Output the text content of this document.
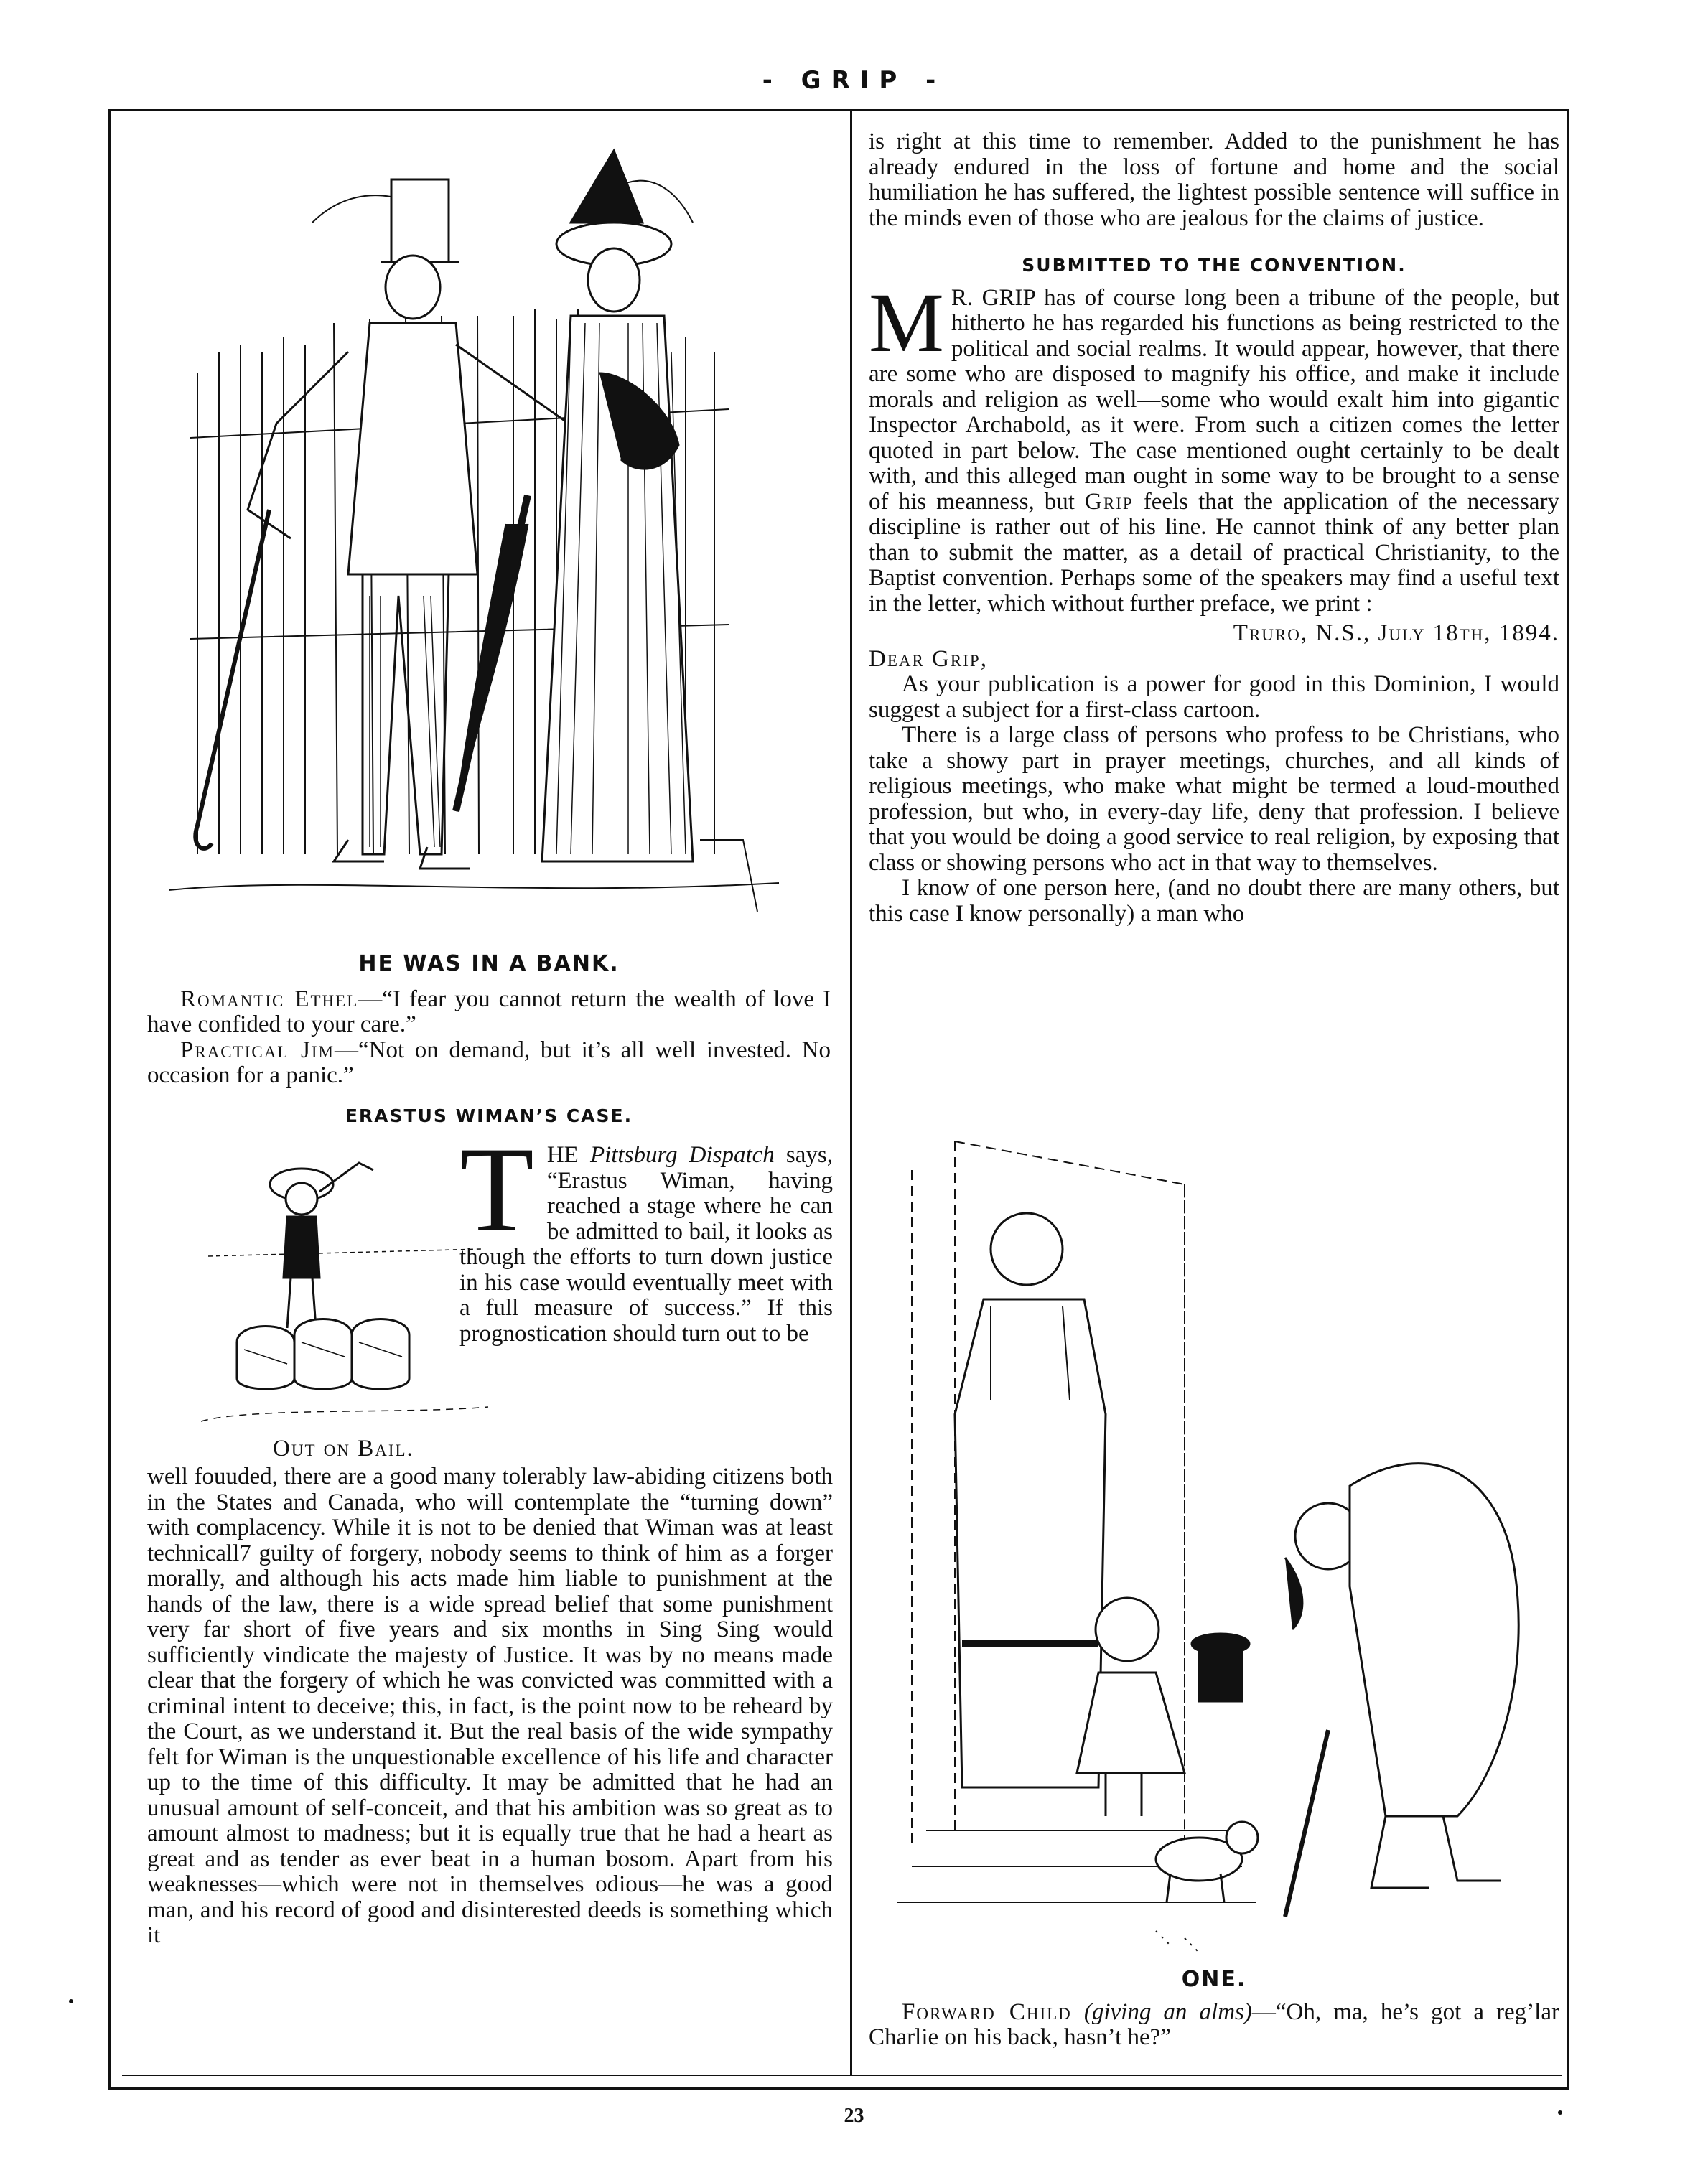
- GRIP -
HE WAS IN A BANK.

Romantic Ethel—“I fear you cannot return the wealth of love I have confided to your care.”

Practical Jim—“Not on demand, but it’s all well invested. No occasion for a panic.”

ERASTUS WIMAN’S CASE.

THE Pittsburg Dispatch says, “Erastus Wiman, having reached a stage where he can be admitted to bail, it looks as though the efforts to turn down justice in his case would eventually meet with a full measure of success.” If this prognostication should turn out to be

Out on Bail.

well fouuded, there are a good many tolerably law-abiding citizens both in the States and Canada, who will contemplate the “turning down” with complacency. While it is not to be denied that Wiman was at least technicall7 guilty of forgery, nobody seems to think of him as a forger morally, and although his acts made him liable to punishment at the hands of the law, there is a wide spread belief that some punishment very far short of five years and six months in Sing Sing would sufficiently vindicate the majesty of Justice. It was by no means made clear that the forgery of which he was convicted was committed with a criminal intent to deceive; this, in fact, is the point now to be reheard by the Court, as we understand it. But the real basis of the wide sympathy felt for Wiman is the unquestionable excellence of his life and character up to the time of this difficulty. It may be admitted that he had an unusual amount of self-conceit, and that his ambition was so great as to amount almost to madness; but it is equally true that he had a heart as great and as tender as ever beat in a human bosom. Apart from his weaknesses—which were not in themselves odious—he was a good man, and his record of good and disinterested deeds is something which it

is right at this time to remember. Added to the punishment he has already endured in the loss of fortune and home and the social humiliation he has suffered, the lightest possible sentence will suffice in the minds even of those who are jealous for the claims of justice.

SUBMITTED TO THE CONVENTION.

M R. GRIP has of course long been a tribune of the people, but hitherto he has regarded his functions as being restricted to the political and social realms. It would appear, however, that there are some who are disposed to magnify his office, and make it include morals and religion as well—some who would exalt him into gigantic Inspector Archabold, as it were. From such a citizen comes the letter quoted in part below. The case mentioned ought certainly to be dealt with, and this alleged man ought in some way to be brought to a sense of his meanness, but Grip feels that the application of the necessary discipline is rather out of his line. He cannot think of any better plan than to submit the matter, as a detail of practical Christianity, to the Baptist convention. Perhaps some of the speakers may find a useful text in the letter, which without further preface, we print :

Truro, N.S., July 18th, 1894.
Dear Grip,

As your publication is a power for good in this Dominion, I would suggest a subject for a first-class cartoon.

There is a large class of persons who profess to be Christians, who take a showy part in prayer meetings, churches, and all kinds of religious meetings, who make what might be termed a loud-mouthed profession, but who, in every-day life, deny that profession. I believe that you would be doing a good service to real religion, by exposing that class or showing persons who act in that way to themselves.

I know of one person here, (and no doubt there are many others, but this case I know personally) a man who

ONE.

Forward Child (giving an alms)—“Oh, ma, he’s got a reg’lar Charlie on his back, hasn’t he?”

23
